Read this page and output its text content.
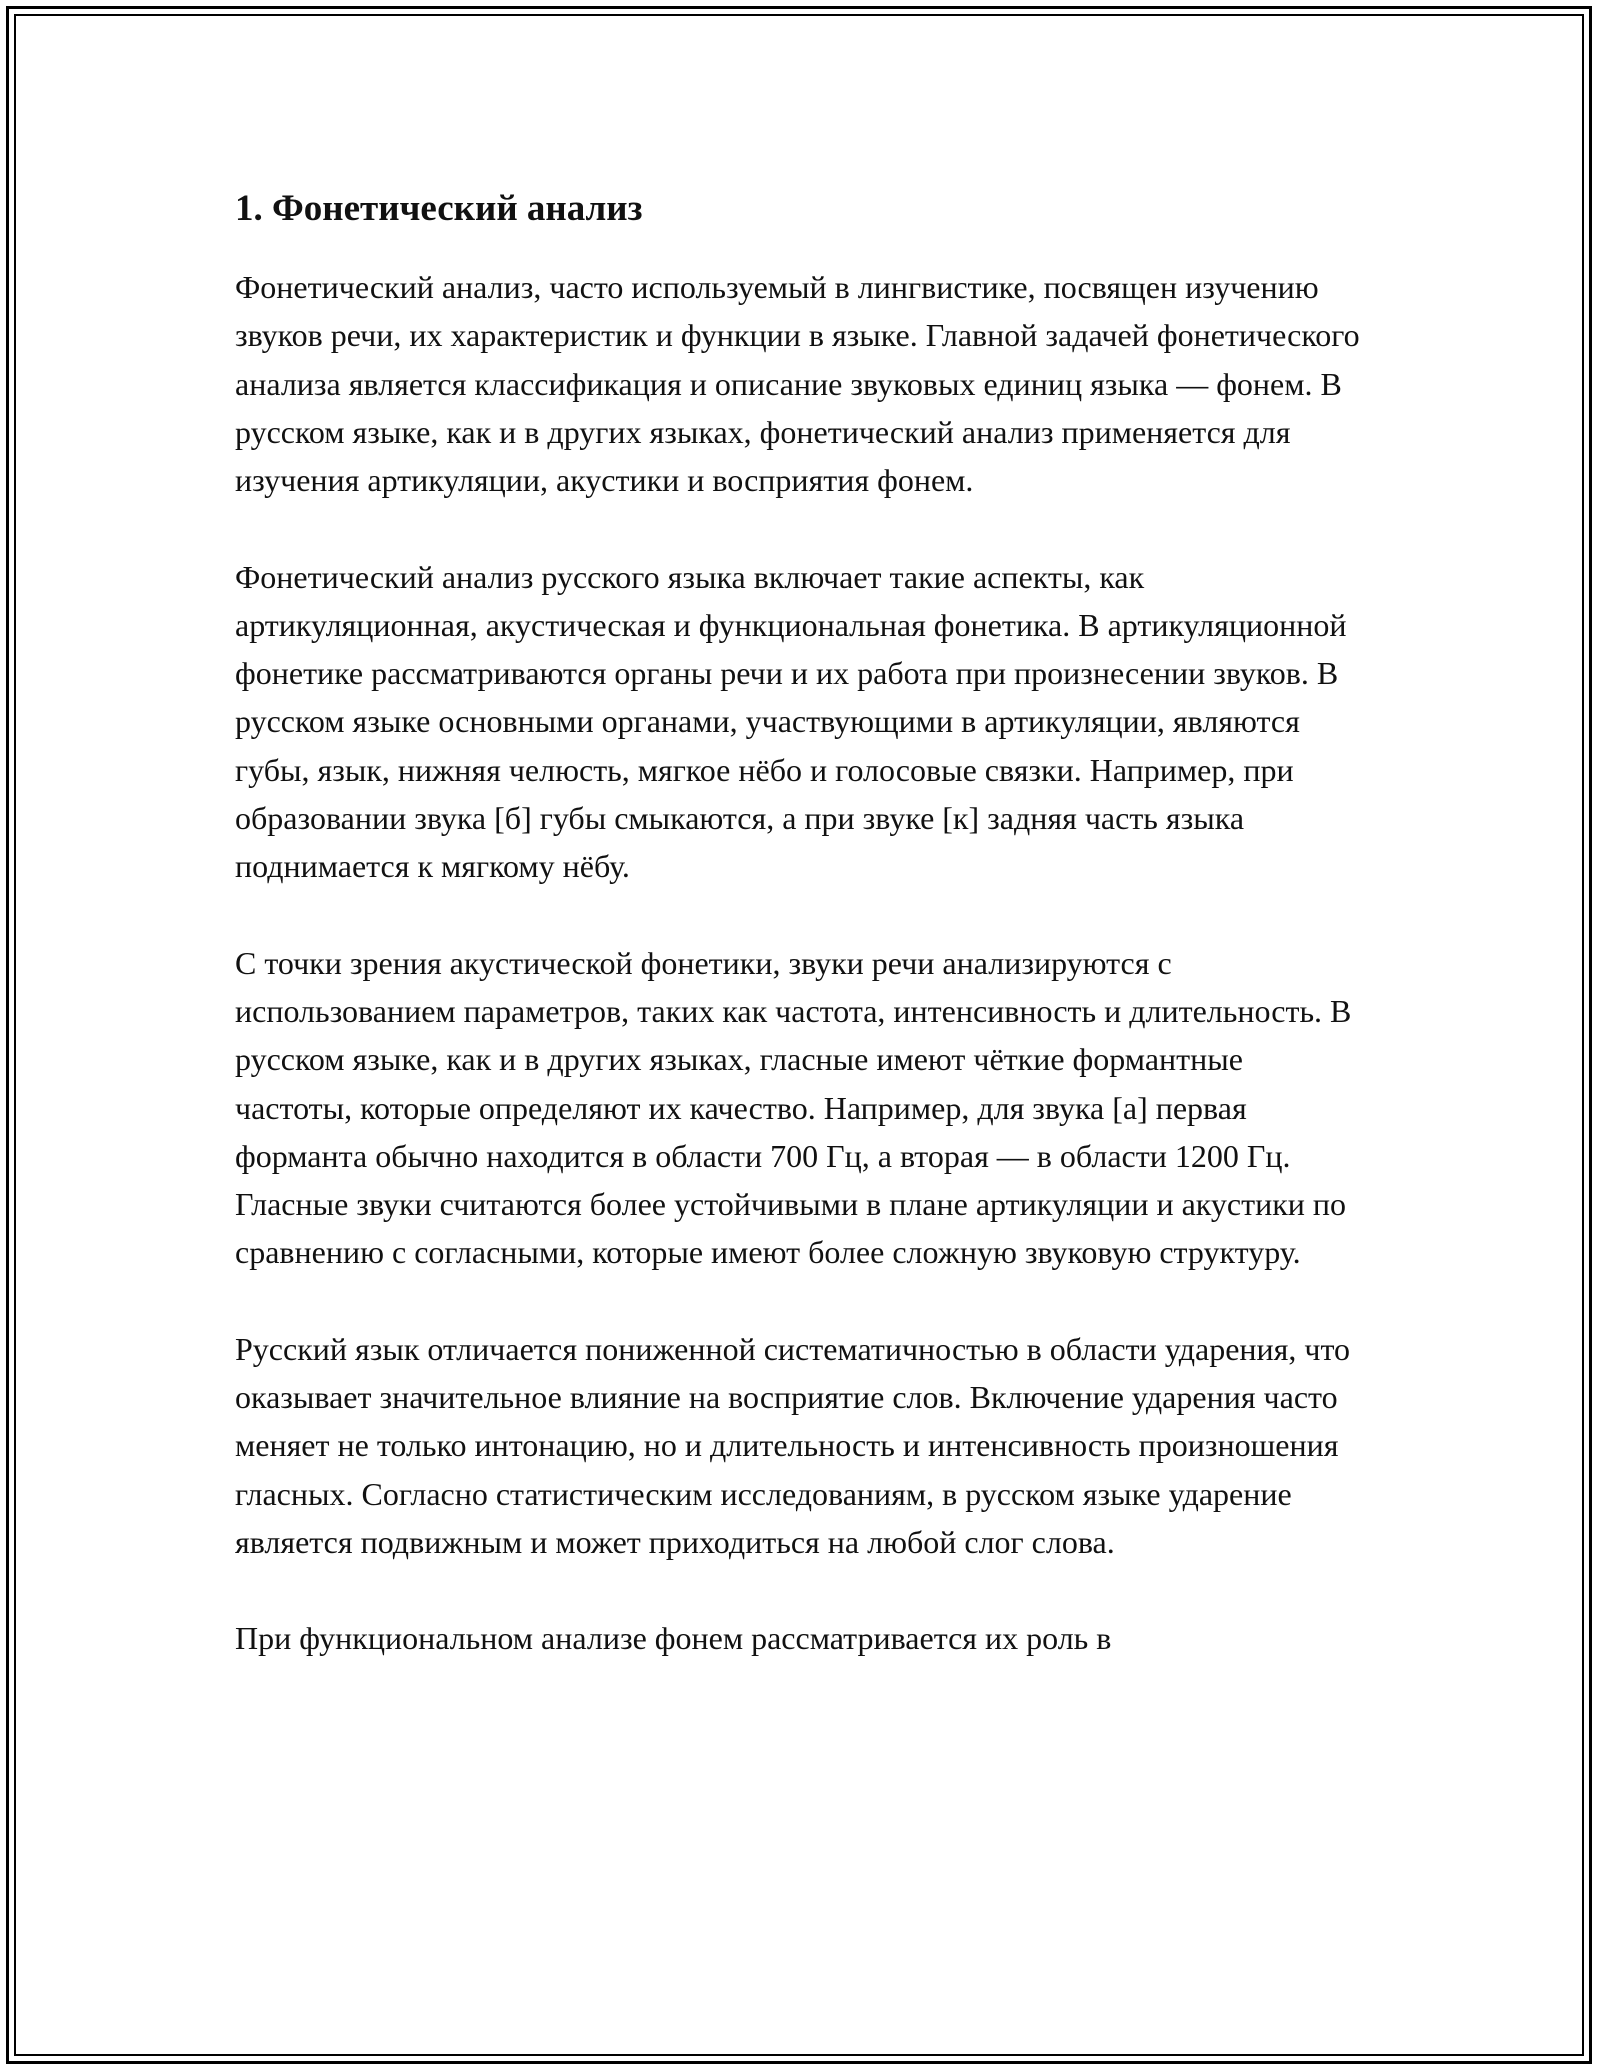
1. Фонетический анализ

Фонетический анализ, часто используемый в лингвистике, посвящен изучению звуков речи, их характеристик и функции в языке. Главной задачей фонетического анализа является классификация и описание звуковых единиц языка — фонем. В русском языке, как и в других языках, фонетический анализ применяется для изучения артикуляции, акустики и восприятия фонем.

Фонетический анализ русского языка включает такие аспекты, как артикуляционная, акустическая и функциональная фонетика. В артикуляционной фонетике рассматриваются органы речи и их работа при произнесении звуков. В русском языке основными органами, участвующими в артикуляции, являются губы, язык, нижняя челюсть, мягкое нёбо и голосовые связки. Например, при образовании звука [б] губы смыкаются, а при звуке [к] задняя часть языка поднимается к мягкому нёбу.

С точки зрения акустической фонетики, звуки речи анализируются с использованием параметров, таких как частота, интенсивность и длительность. В русском языке, как и в других языках, гласные имеют чёткие формантные частоты, которые определяют их качество. Например, для звука [а] первая форманта обычно находится в области 700 Гц, а вторая — в области 1200 Гц. Гласные звуки считаются более устойчивыми в плане артикуляции и акустики по сравнению с согласными, которые имеют более сложную звуковую структуру.

Русский язык отличается пониженной систематичностью в области ударения, что оказывает значительное влияние на восприятие слов. Включение ударения часто меняет не только интонацию, но и длительность и интенсивность произношения гласных. Согласно статистическим исследованиям, в русском языке ударение является подвижным и может приходиться на любой слог слова.

При функциональном анализе фонем рассматривается их роль в
